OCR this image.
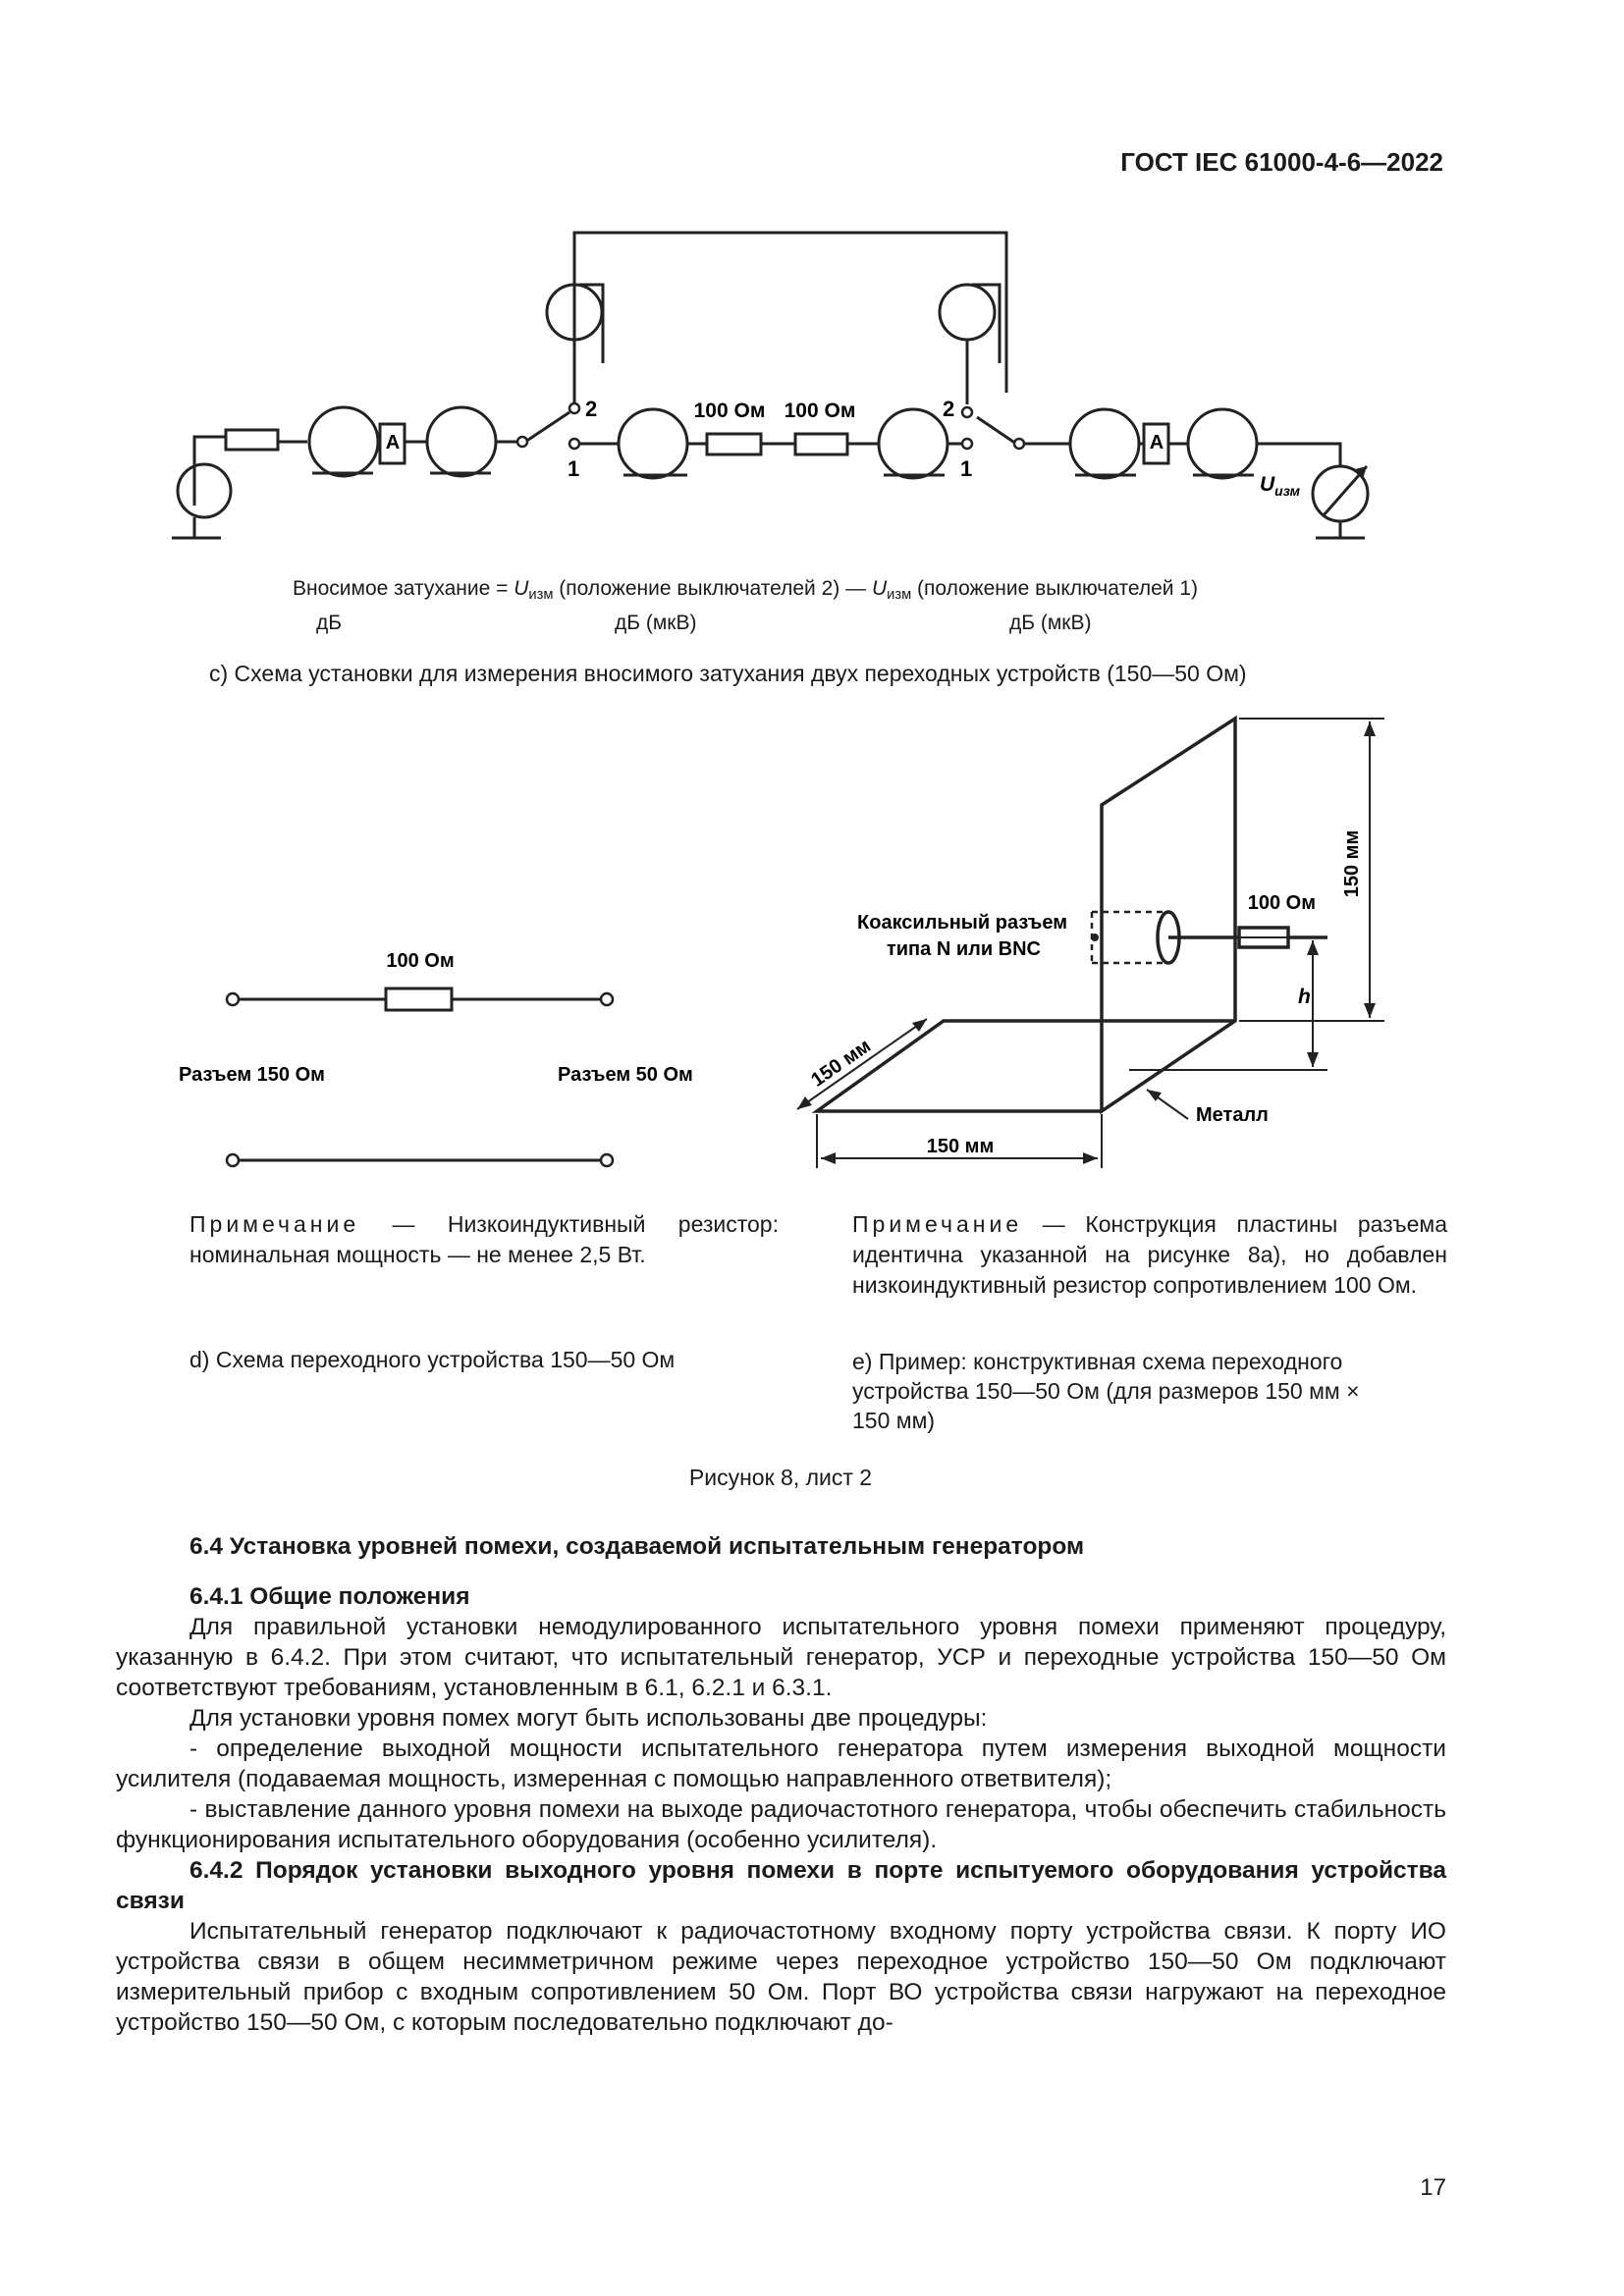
ГОСТ IEC 61000-4-6—2022
A	A
2
1
2
1
100 Ом 100 Ом
$U_{изм}$
Вносимое затухание = $U_{изм}$ (положение выключателей 2) — $U_{изм}$ (положение выключателей 1)
дБ	дБ (мкВ)	дБ (мкВ)
c) Схема установки для измерения вносимого затухания двух переходных устройств (150—50 Ом)
100 Ом
Разъем 150 Ом	Разъем 50 Ом
100 Ом
Коаксильный разъем
типа N или BNC
150 мм
h
150 мм
150 мм
Металл
Примечание — Низкоиндуктивный резистор: номинальная мощность — не менее 2,5 Вт.
Примечание — Конструкция пластины разъема идентична указанной на рисунке 8а), но добавлен низкоиндуктивный резистор сопротивлением 100 Ом.
d) Схема переходного устройства 150—50 Ом	e) Пример: конструктивная схема переходного устройства 150—50 Ом (для размеров 150 мм × 150 мм)
Рисунок 8, лист 2
6.4 Установка уровней помехи, создаваемой испытательным генератором
6.4.1 Общие положения

Для правильной установки немодулированного испытательного уровня помехи применяют процедуру, указанную в 6.4.2. При этом считают, что испытательный генератор, УСР и переходные устройства 150—50 Ом соответствуют требованиям, установленным в 6.1, 6.2.1 и 6.3.1.

Для установки уровня помех могут быть использованы две процедуры:

- определение выходной мощности испытательного генератора путем измерения выходной мощности усилителя (подаваемая мощность, измеренная с помощью направленного ответвителя);

- выставление данного уровня помехи на выходе радиочастотного генератора, чтобы обеспечить стабильность функционирования испытательного оборудования (особенно усилителя).

6.4.2 Порядок установки выходного уровня помехи в порте испытуемого оборудования устройства связи

Испытательный генератор подключают к радиочастотному входному порту устройства связи. К порту ИО устройства связи в общем несимметричном режиме через переходное устройство 150—50 Ом подключают измерительный прибор с входным сопротивлением 50 Ом. Порт ВО устройства связи нагружают на переходное устройство 150—50 Ом, с которым последовательно подключают до-

17
